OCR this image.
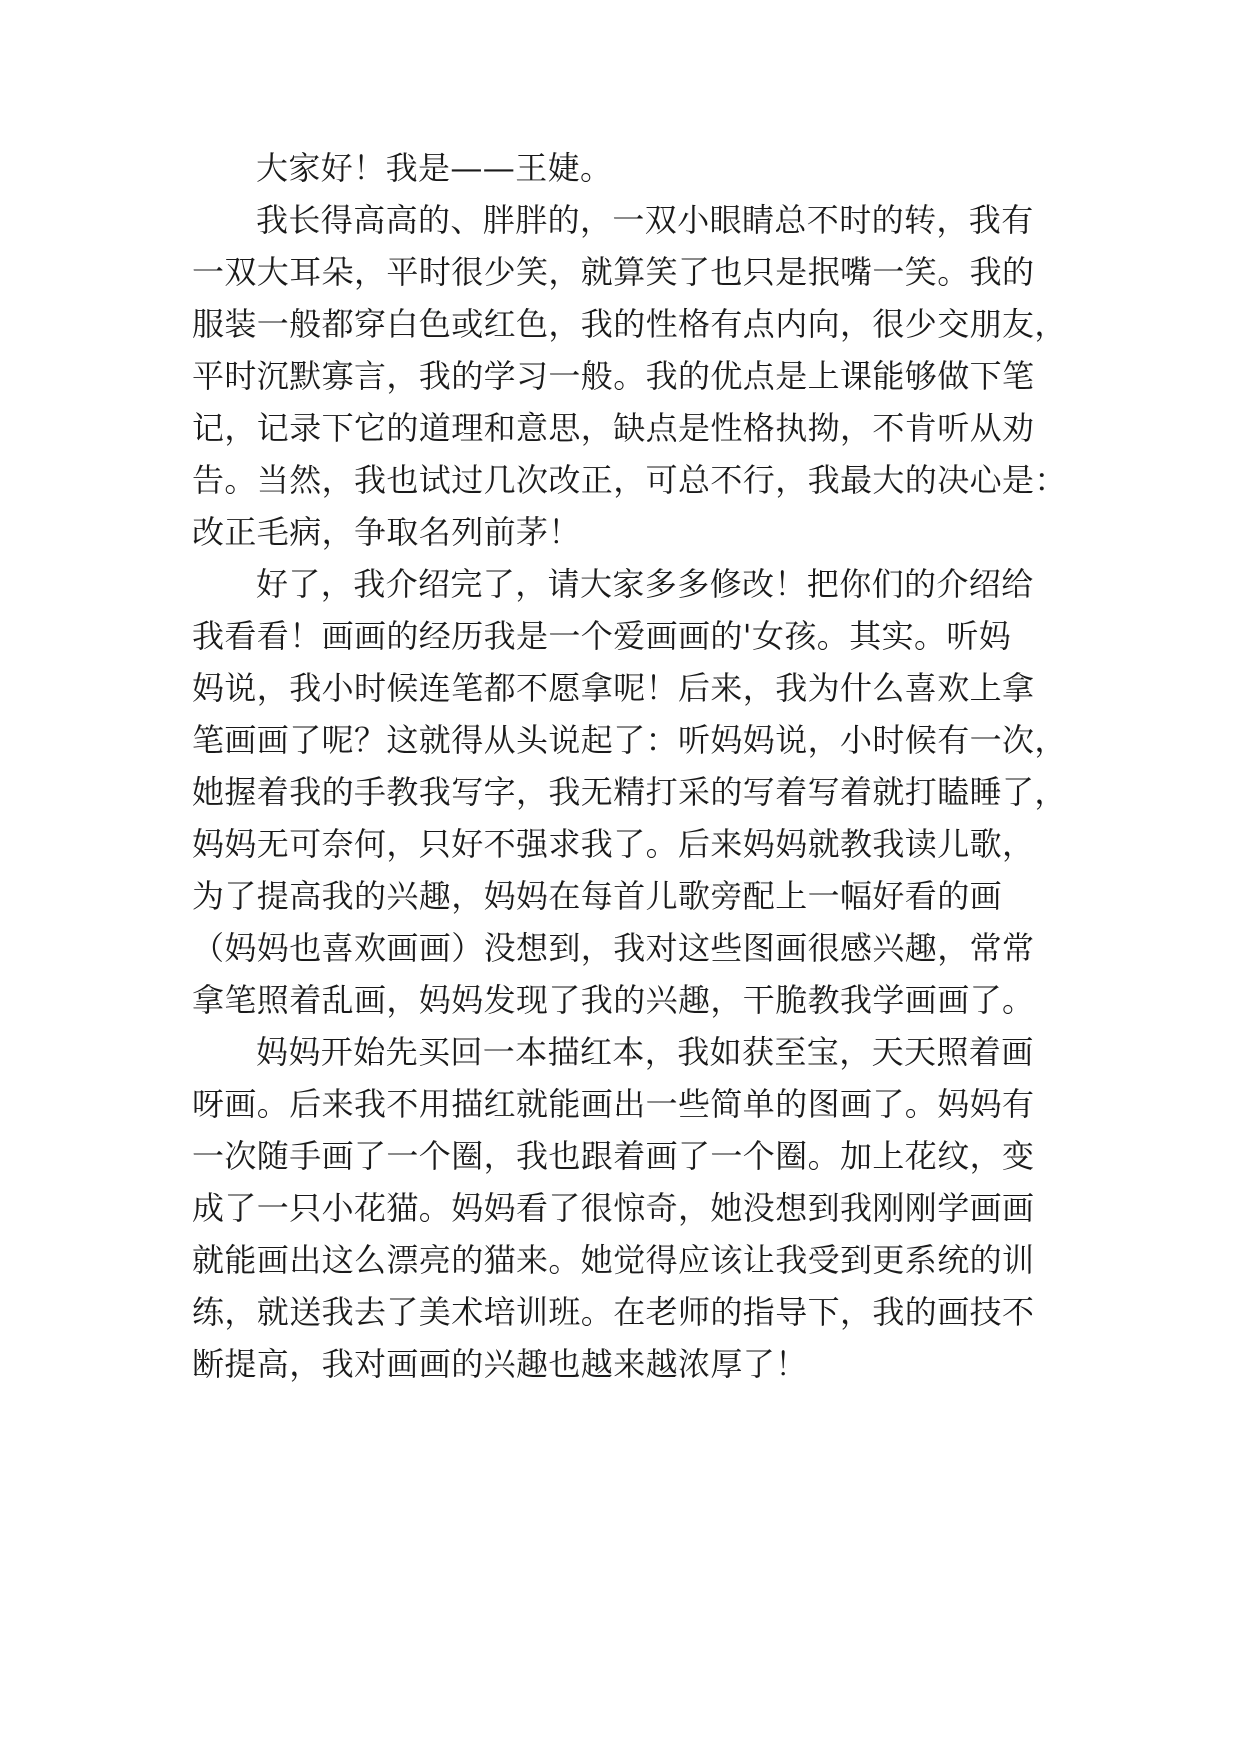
大家好！我是——王婕。
我长得高高的、胖胖的，一双小眼睛总不时的转，我有
一双大耳朵，平时很少笑，就算笑了也只是抿嘴一笑。我的
服装一般都穿白色或红色，我的性格有点内向，很少交朋友，
平时沉默寡言，我的学习一般。我的优点是上课能够做下笔
记，记录下它的道理和意思，缺点是性格执拗，不肯听从劝
告。当然，我也试过几次改正，可总不行，我最大的决心是：
改正毛病，争取名列前茅！
好了，我介绍完了，请大家多多修改！把你们的介绍给
我看看！画画的经历我是一个爱画画的'女孩。其实。听妈
妈说，我小时候连笔都不愿拿呢！后来，我为什么喜欢上拿
笔画画了呢？这就得从头说起了：听妈妈说，小时候有一次，
她握着我的手教我写字，我无精打采的写着写着就打瞌睡了，
妈妈无可奈何，只好不强求我了。后来妈妈就教我读儿歌，
为了提高我的兴趣，妈妈在每首儿歌旁配上一幅好看的画
（妈妈也喜欢画画）没想到，我对这些图画很感兴趣，常常
拿笔照着乱画，妈妈发现了我的兴趣，干脆教我学画画了。
妈妈开始先买回一本描红本，我如获至宝，天天照着画
呀画。后来我不用描红就能画出一些简单的图画了。妈妈有
一次随手画了一个圈，我也跟着画了一个圈。加上花纹，变
成了一只小花猫。妈妈看了很惊奇，她没想到我刚刚学画画
就能画出这么漂亮的猫来。她觉得应该让我受到更系统的训
练，就送我去了美术培训班。在老师的指导下，我的画技不
断提高，我对画画的兴趣也越来越浓厚了！
